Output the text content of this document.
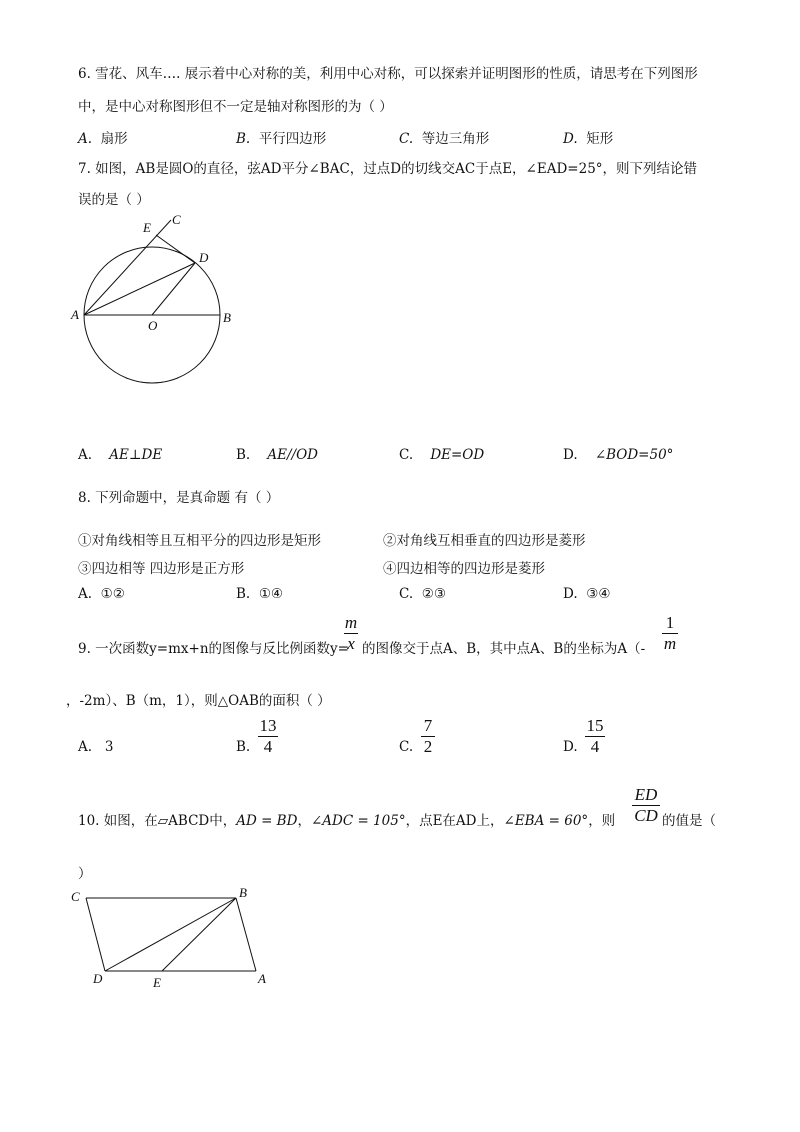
6. 雪花、风车…. 展示着中心对称的美，利用中心对称，可以探索并证明图形的性质，请思考在下列图形
中，是中心对称图形但不一定是轴对称图形的为（ ）
A. 扇形	B. 平行四边形	C. 等边三角形	D. 矩形
7. 如图，AB是圆O的直径，弦AD平分∠BAC，过点D的切线交AC于点E，∠EAD=25°，则下列结论错
误的是（ ）
E
C
D
A
O
B
A. AE⊥DE	B. AE//OD	C. DE=OD	D. ∠BOD=50°
8. 下列命题中，是真命题 有（ ）
①对角线相等且互相平分的四边形是矩形	②对角线互相垂直的四边形是菱形
③四边相等 四边形是正方形	④四边相等的四边形是菱形
A. ①②	B. ①④	C. ②③	D. ③④
9. 一次函数y=mx+n的图像与反比例函数y=
m
x 的图像交于点A、B，其中点A、B的坐标为A（-
1
m
，-2m）、B（m，1），则△OAB的面积（ ）
A. 3	B.
13
4	C.
7
2	D.
15
4
10. 如图，在▱ABCD中，AD = BD，∠ADC = 105°，点E在AD上，∠EBA = 60°，则
ED
CD 的值是（
）
C	B
D	E	A
